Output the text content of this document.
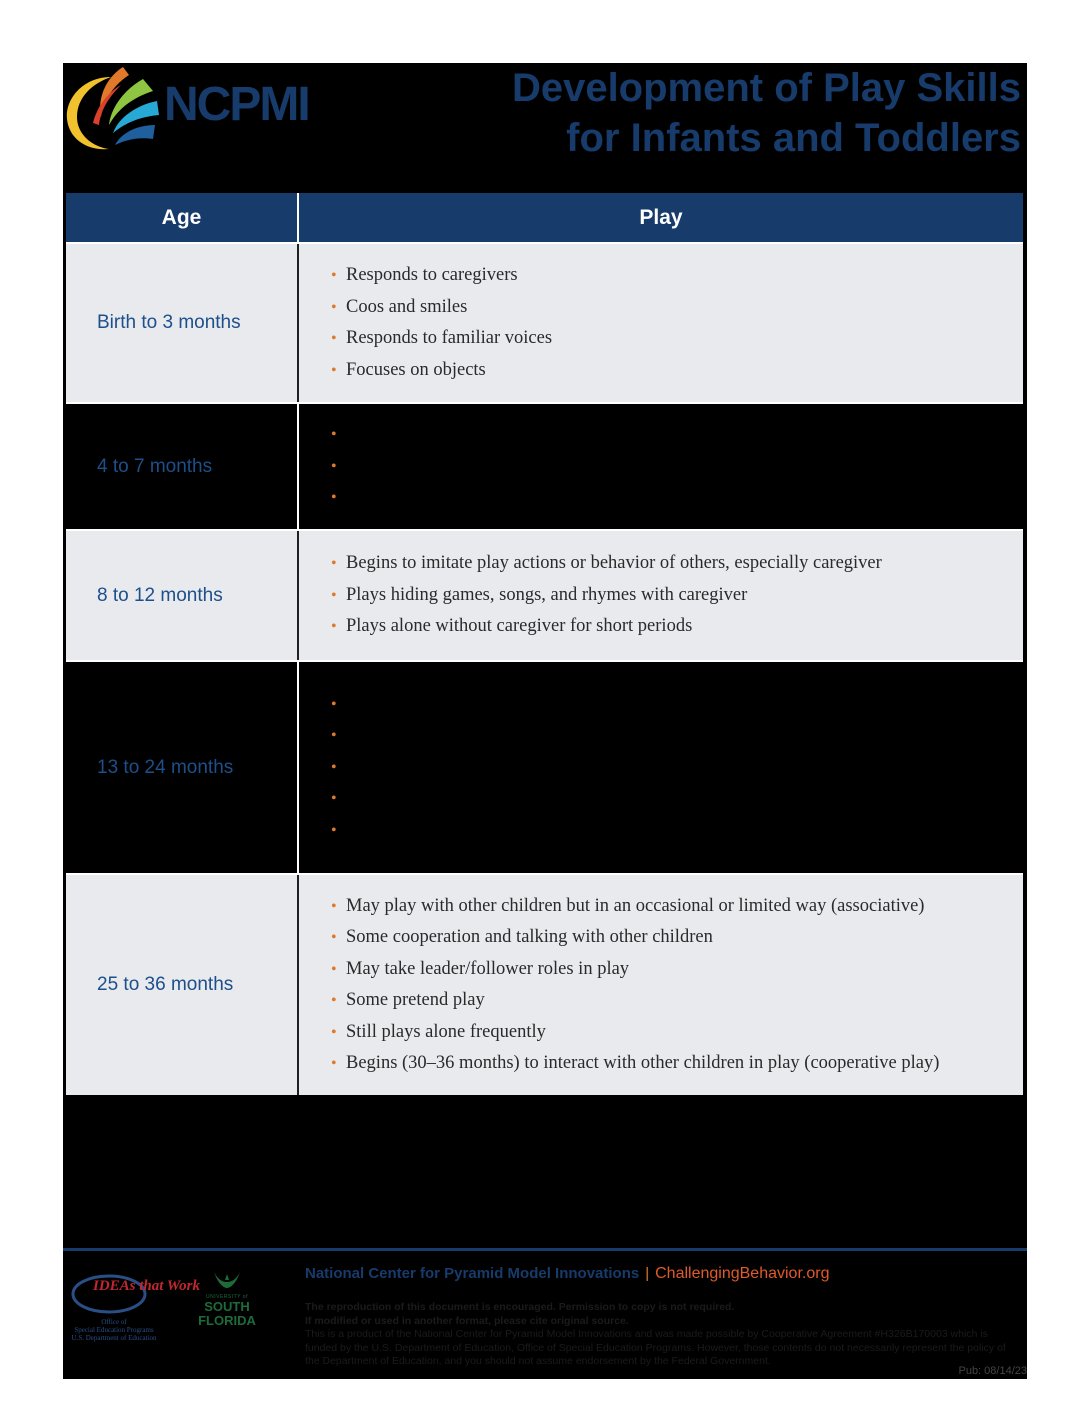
NCPMI	Development of Play Skills
for Infants and Toddlers
Age	Play
Birth to 3 months
• Responds to caregivers
• Coos and smiles
• Responds to familiar voices
• Focuses on objects
4 to 7 months
•
•
•
8 to 12 months
• Begins to imitate play actions or behavior of others, especially caregiver
• Plays hiding games, songs, and rhymes with caregiver
• Plays alone without caregiver for short periods
13 to 24 months
•
•
•
•
•
25 to 36 months
• May play with other children but in an occasional or limited way (associative)
• Some cooperation and talking with other children
• May take leader/follower roles in play
• Some pretend play
• Still plays alone frequently
• Begins (30–36 months) to interact with other children in play (cooperative play)
IDEAs that Work
Office of
Special Education Programs
U.S. Department of Education
UNIVERSITY of
SOUTH
FLORIDA
National Center for Pyramid Model Innovations | ChallengingBehavior.org
The reproduction of this document is encouraged. Permission to copy is not required.
If modified or used in another format, please cite original source.
This is a product of the National Center for Pyramid Model Innovations and was made possible by Cooperative Agreement #H326B170003 which is funded by the U.S. Department of Education, Office of Special Education Programs. However, those contents do not necessarily represent the policy of the Department of Education, and you should not assume endorsement by the Federal Government.
Pub: 08/14/23
